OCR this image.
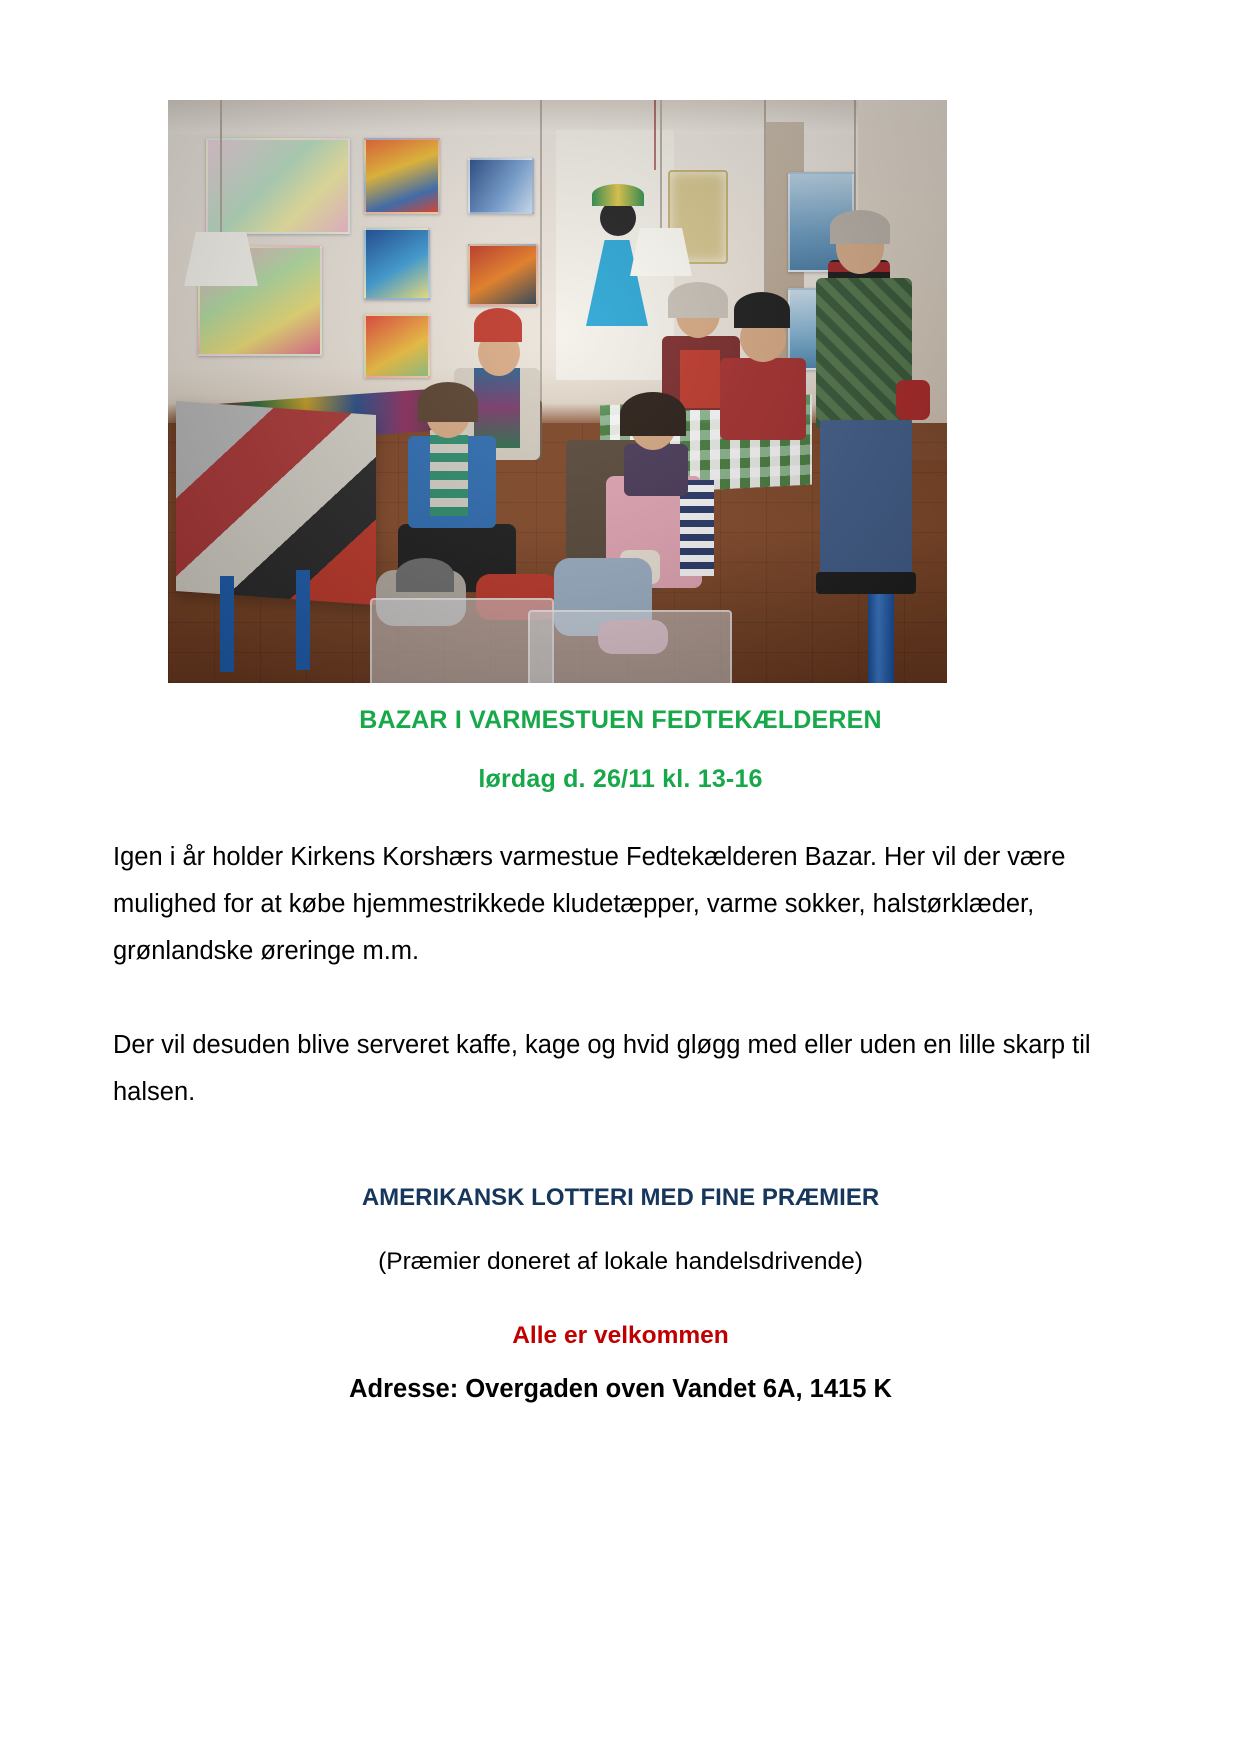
BAZAR I VARMESTUEN FEDTEKÆLDEREN

lørdag d. 26/11 kl. 13-16

Igen i år holder Kirkens Korshærs varmestue Fedtekælderen Bazar. Her vil der være mulighed for at købe hjemmestrikkede kludetæpper, varme sokker, halstørklæder, grønlandske øreringe m.m.

Der vil desuden blive serveret kaffe, kage og hvid gløgg med eller uden en lille skarp til halsen.

AMERIKANSK LOTTERI MED FINE PRÆMIER

(Præmier doneret af lokale handelsdrivende)

Alle er velkommen

Adresse: Overgaden oven Vandet 6A, 1415 K
